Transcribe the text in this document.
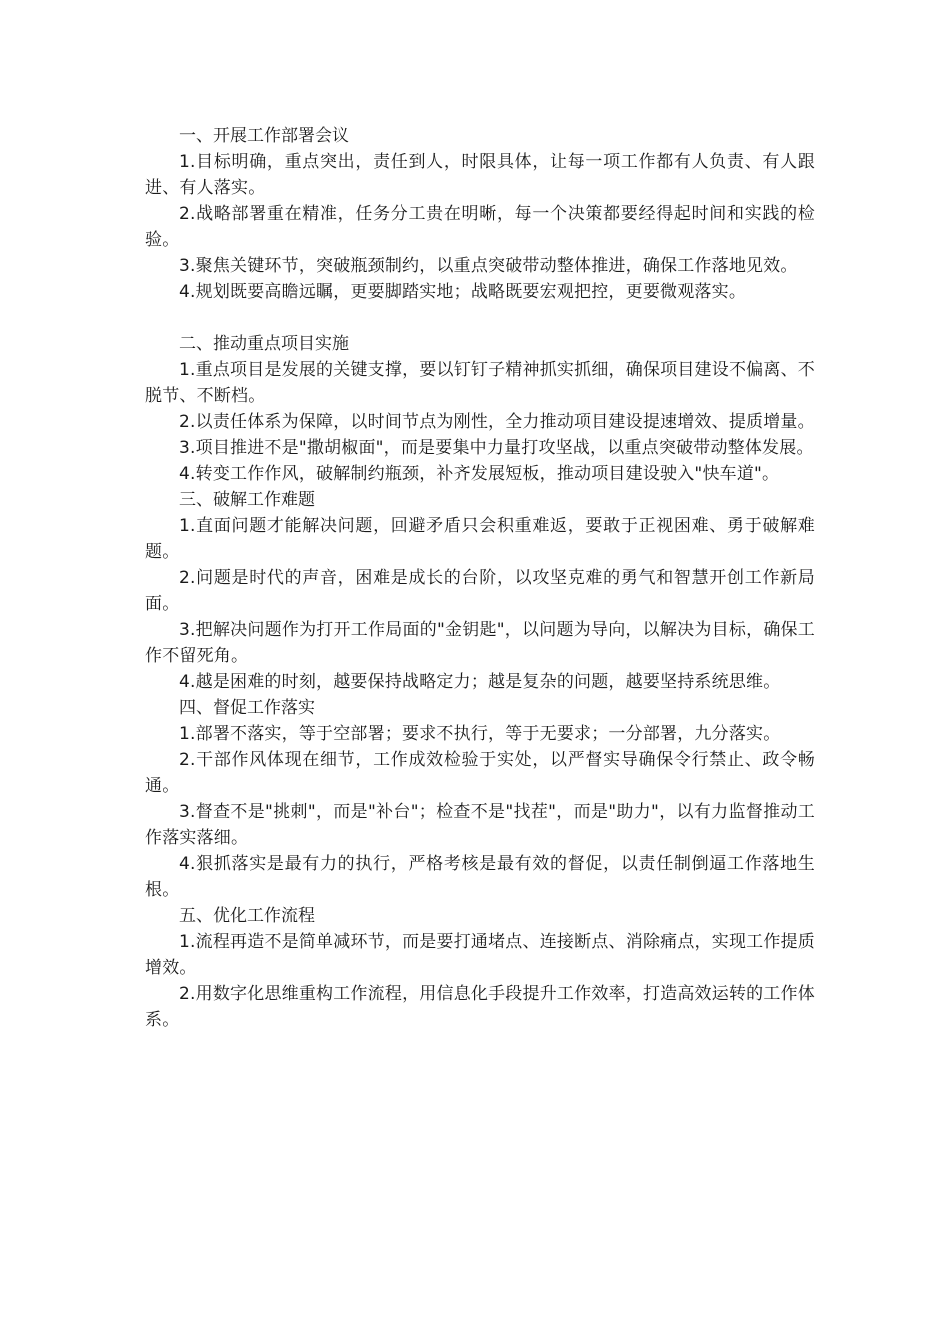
一、开展工作部署会议

1.目标明确，重点突出，责任到人，时限具体，让每一项工作都有人负责、有人跟进、有人落实。

2.战略部署重在精准，任务分工贵在明晰，每一个决策都要经得起时间和实践的检验。

3.聚焦关键环节，突破瓶颈制约，以重点突破带动整体推进，确保工作落地见效。

4.规划既要高瞻远瞩，更要脚踏实地；战略既要宏观把控，更要微观落实。

二、推动重点项目实施

1.重点项目是发展的关键支撑，要以钉钉子精神抓实抓细，确保项目建设不偏离、不脱节、不断档。

2.以责任体系为保障，以时间节点为刚性，全力推动项目建设提速增效、提质增量。

3.项目推进不是"撒胡椒面"，而是要集中力量打攻坚战，以重点突破带动整体发展。

4.转变工作作风，破解制约瓶颈，补齐发展短板，推动项目建设驶入"快车道"。

三、破解工作难题

1.直面问题才能解决问题，回避矛盾只会积重难返，要敢于正视困难、勇于破解难题。

2.问题是时代的声音，困难是成长的台阶，以攻坚克难的勇气和智慧开创工作新局面。

3.把解决问题作为打开工作局面的"金钥匙"，以问题为导向，以解决为目标，确保工作不留死角。

4.越是困难的时刻，越要保持战略定力；越是复杂的问题，越要坚持系统思维。

四、督促工作落实

1.部署不落实，等于空部署；要求不执行，等于无要求；一分部署，九分落实。

2.干部作风体现在细节，工作成效检验于实处，以严督实导确保令行禁止、政令畅通。

3.督查不是"挑刺"，而是"补台"；检查不是"找茬"，而是"助力"，以有力监督推动工作落实落细。

4.狠抓落实是最有力的执行，严格考核是最有效的督促，以责任制倒逼工作落地生根。

五、优化工作流程

1.流程再造不是简单减环节，而是要打通堵点、连接断点、消除痛点，实现工作提质增效。

2.用数字化思维重构工作流程，用信息化手段提升工作效率，打造高效运转的工作体系。
